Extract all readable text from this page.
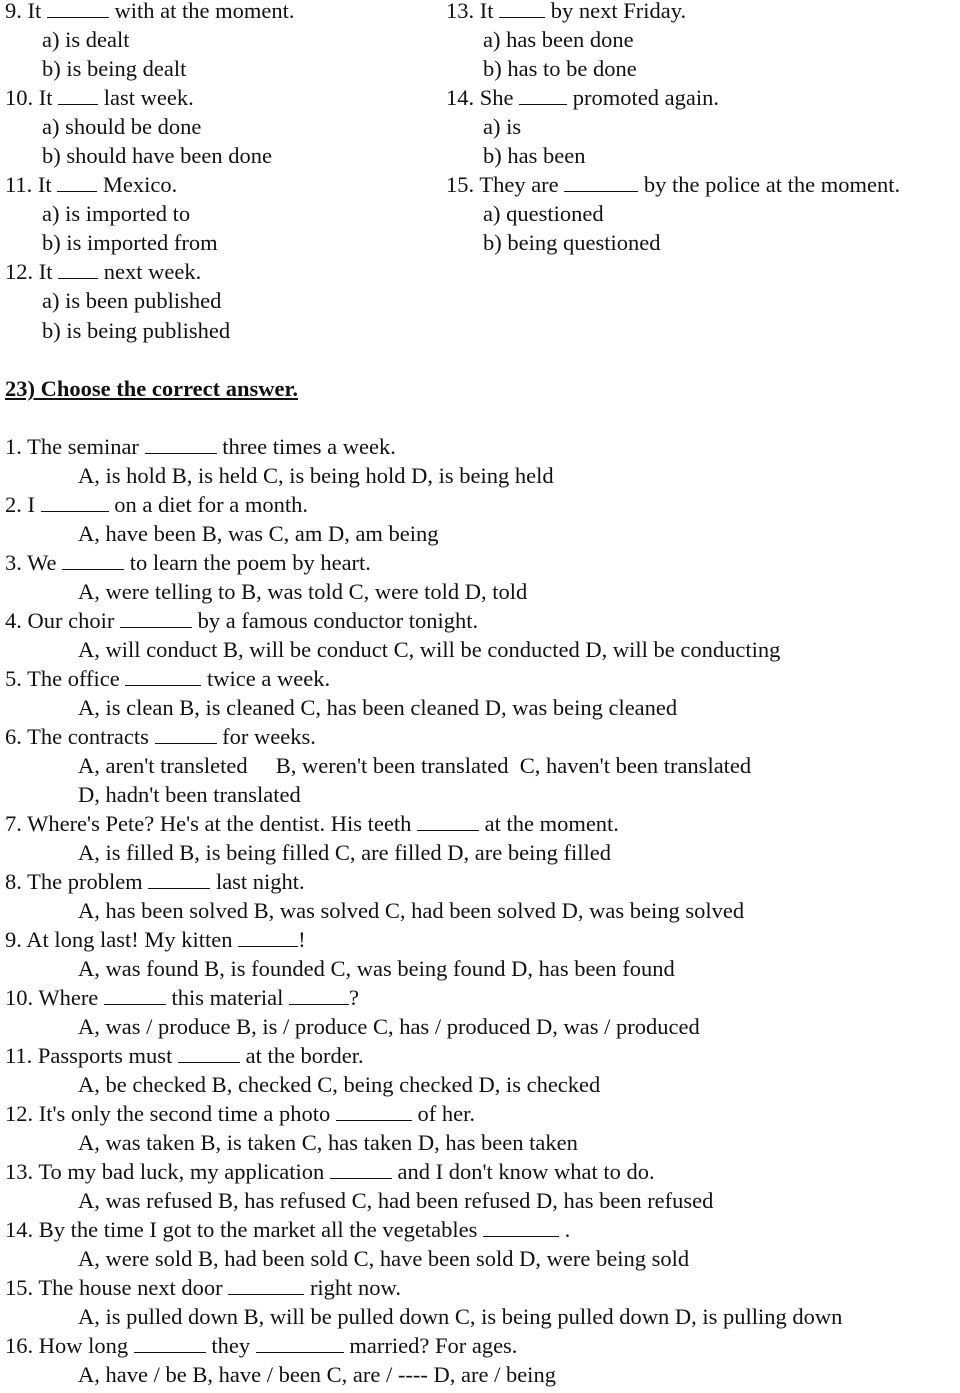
9. It	with at the moment.
a) is dealt
b) is being dealt
10. It last week.
a) should be done
b) should have been done
11. It Mexico.
a) is imported to
b) is imported from
12. It next week.
a) is been published
b) is being published
13. It	by next Friday.
a) has been done
b) has to be done
14. She	promoted again.
a) is
b) has been
15. They are	by the police at the moment.
a) questioned
b) being questioned
23) Choose the correct answer.
1. The seminar	three times a week.
A, is hold B, is held C, is being hold D, is being held
2. I	on a diet for a month.
A, have been B, was C, am D, am being
3. We	to learn the poem by heart.
A, were telling to B, was told C, were told D, told
4. Our choir	by a famous conductor tonight.
A, will conduct B, will be conduct C, will be conducted D, will be conducting
5. The office	twice a week.
A, is clean B, is cleaned C, has been cleaned D, was being cleaned
6. The contracts	for weeks.
A, aren't transleted     B, weren't been translated  C, haven't been translated
D, hadn't been translated
7. Where's Pete? He's at the dentist. His teeth	at the moment.
A, is filled B, is being filled C, are filled D, are being filled
8. The problem	last night.
A, has been solved B, was solved C, had been solved D, was being solved
9. At long last! My kitten	!
A, was found B, is founded C, was being found D, has been found
10. Where	this material	?
A, was / produce B, is / produce C, has / produced D, was / produced
11. Passports must	at the border.
A, be checked B, checked C, being checked D, is checked
12. It's only the second time a photo	of her.
A, was taken B, is taken C, has taken D, has been taken
13. To my bad luck, my application	and I don't know what to do.
A, was refused B, has refused C, had been refused D, has been refused
14. By the time I got to the market all the vegetables	.
A, were sold B, had been sold C, have been sold D, were being sold
15. The house next door	right now.
A, is pulled down B, will be pulled down C, is being pulled down D, is pulling down
16. How long	they	married? For ages.
A, have / be B, have / been C, are / ---- D, are / being
